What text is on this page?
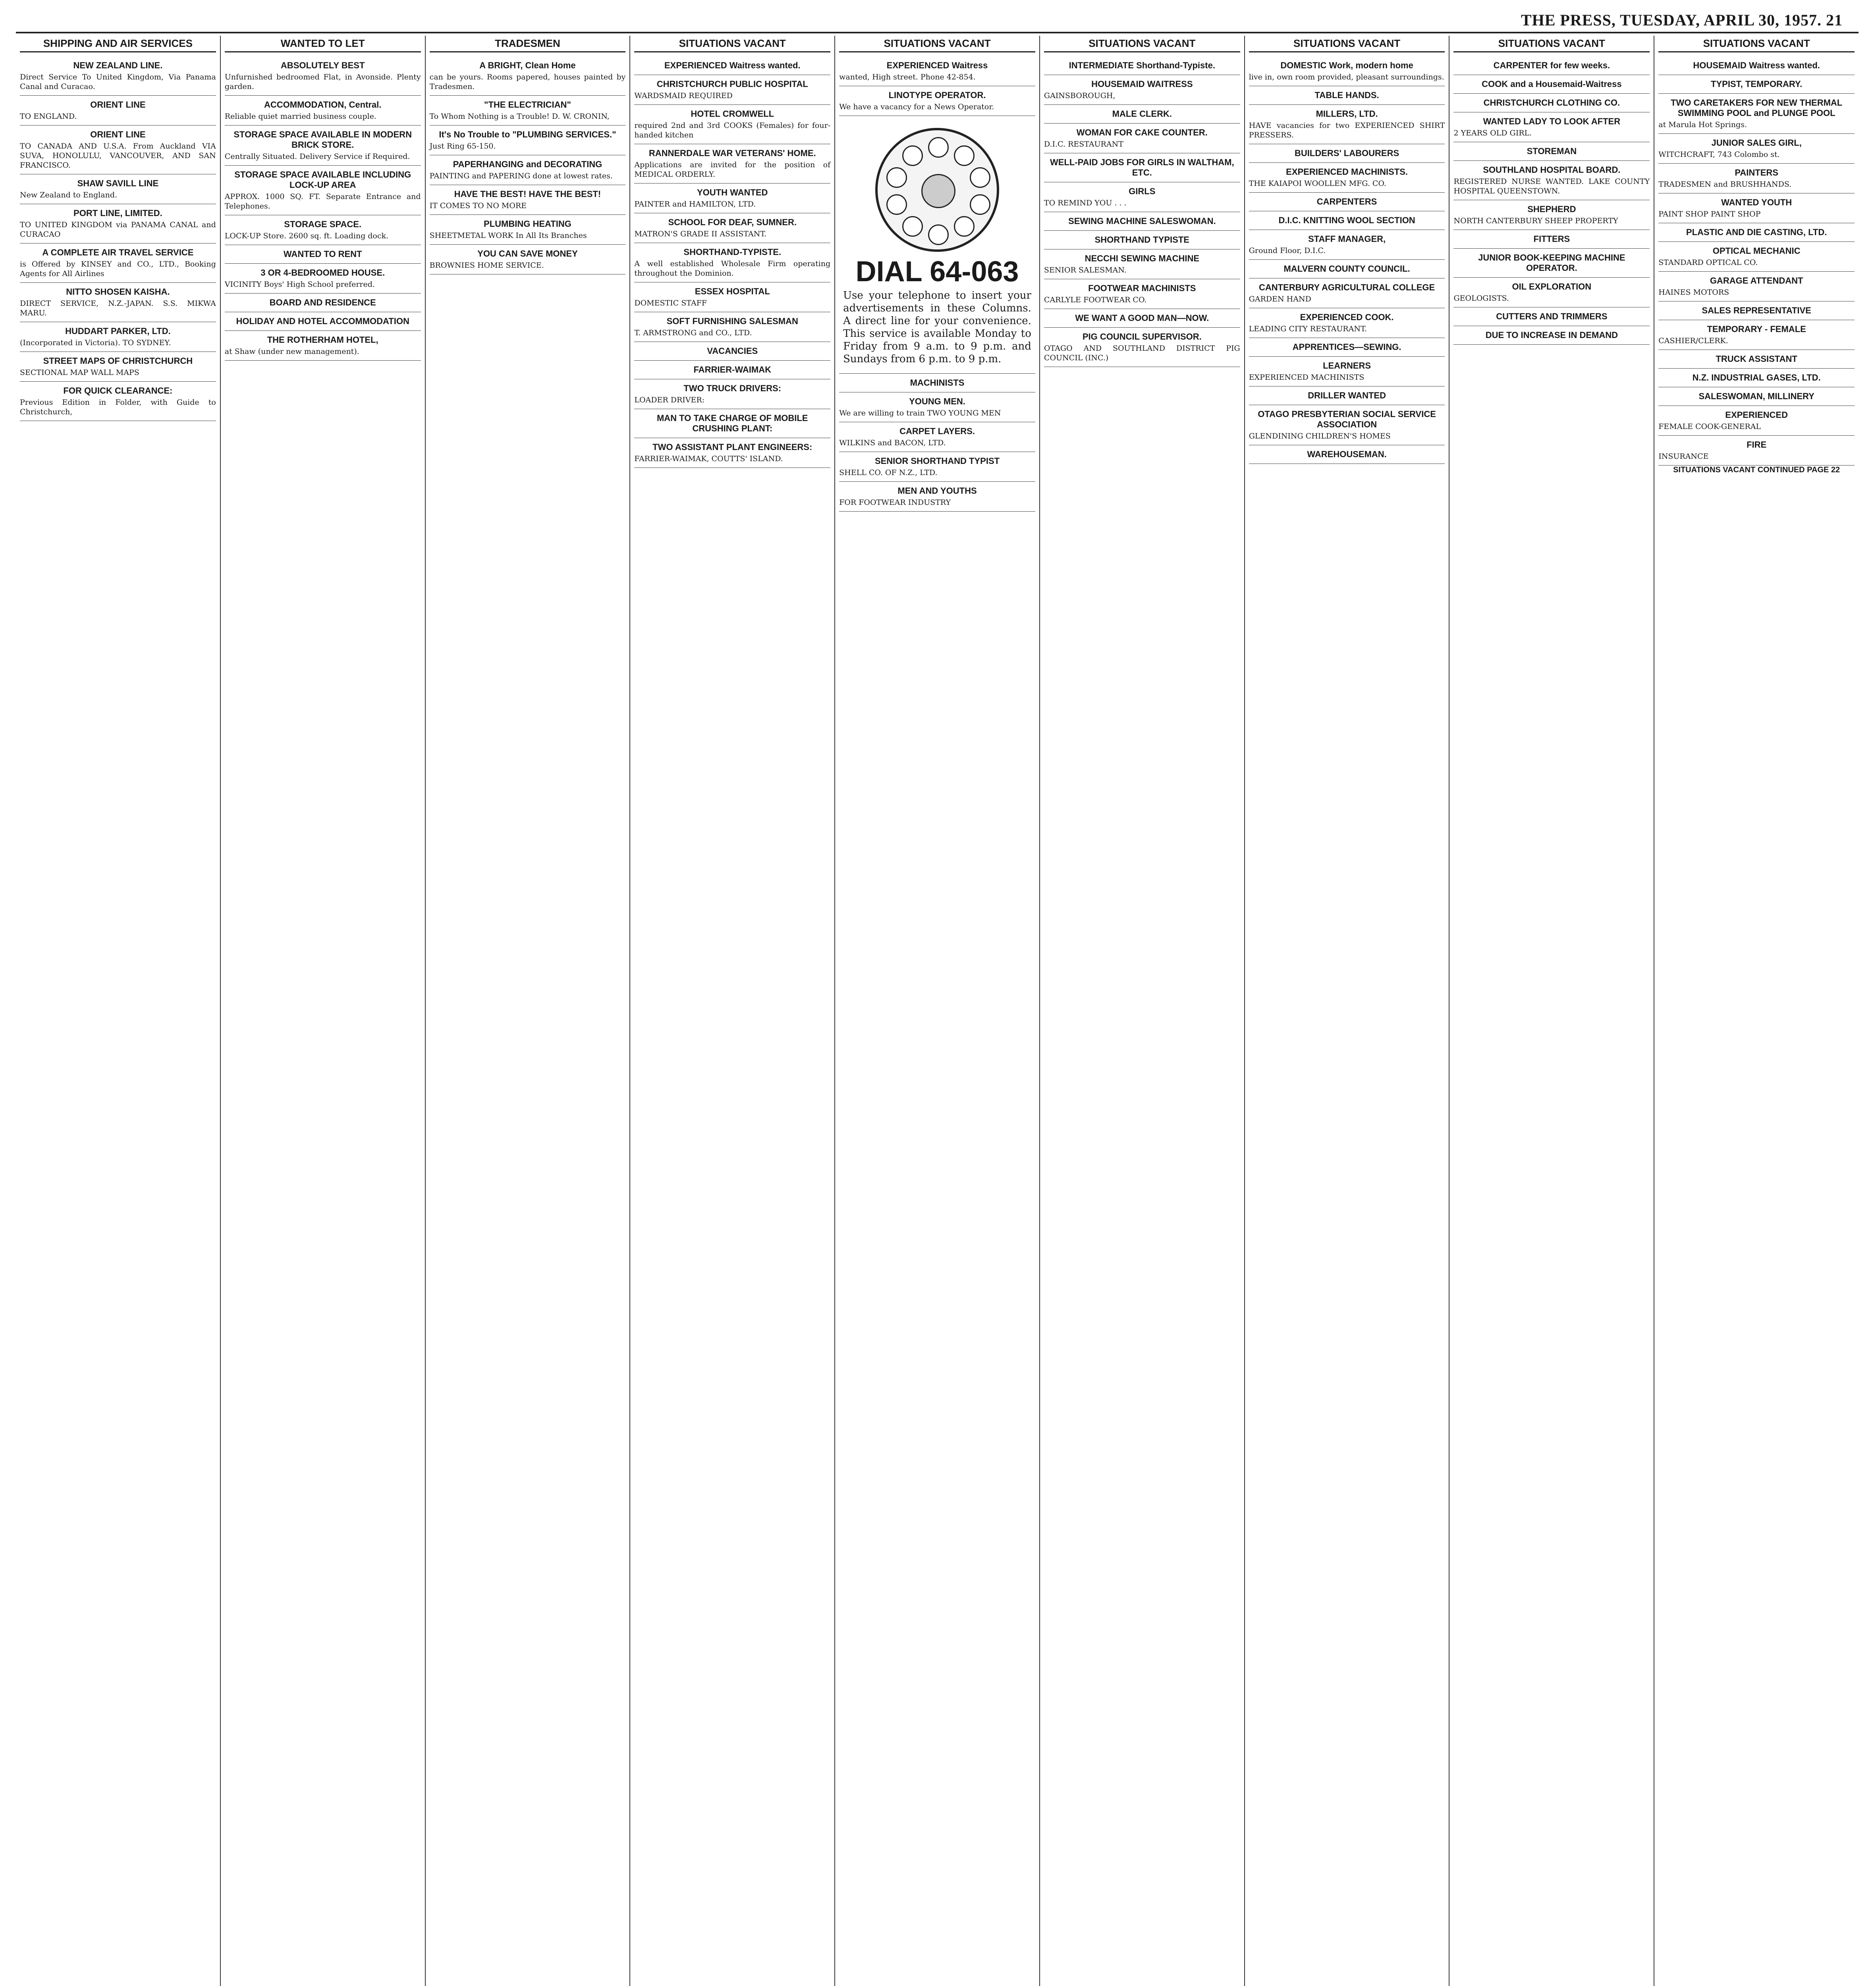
THE PRESS, TUESDAY, APRIL 30, 1957. 21
SHIPPING AND AIR SERVICES
NEW ZEALAND LINE.
Direct Service To United Kingdom, Via Panama Canal and Curacao.
ORIENT LINE
TO ENGLAND.
ORIENT LINE
TO CANADA AND U.S.A. From Auckland VIA SUVA, HONOLULU, VANCOUVER, AND SAN FRANCISCO.
SHAW SAVILL LINE
New Zealand to England.
PORT LINE, LIMITED.
TO UNITED KINGDOM via PANAMA CANAL and CURACAO
A COMPLETE AIR TRAVEL SERVICE
is Offered by KINSEY and CO., LTD., Booking Agents for All Airlines
NITTO SHOSEN KAISHA.
DIRECT SERVICE, N.Z.-JAPAN. S.S. MIKWA MARU.
HUDDART PARKER, LTD.
(Incorporated in Victoria). TO SYDNEY.
STREET MAPS OF CHRISTCHURCH
SECTIONAL MAP WALL MAPS
FOR QUICK CLEARANCE:
Previous Edition in Folder, with Guide to Christchurch,
WANTED TO LET
ABSOLUTELY BEST
Unfurnished bedroomed Flat, in Avonside. Plenty garden.
ACCOMMODATION, Central.
Reliable quiet married business couple.
STORAGE SPACE AVAILABLE IN MODERN BRICK STORE.
Centrally Situated. Delivery Service if Required.
STORAGE SPACE AVAILABLE INCLUDING LOCK-UP AREA
APPROX. 1000 SQ. FT. Separate Entrance and Telephones.
STORAGE SPACE.
LOCK-UP Store. 2600 sq. ft. Loading dock.
WANTED TO RENT
3 OR 4-BEDROOMED HOUSE.
VICINITY Boys' High School preferred.
BOARD AND RESIDENCE
HOLIDAY AND HOTEL ACCOMMODATION
THE ROTHERHAM HOTEL,
at Shaw (under new management).
TRADESMEN
A BRIGHT, Clean Home
can be yours. Rooms papered, houses painted by Tradesmen.
"THE ELECTRICIAN"
To Whom Nothing is a Trouble! D. W. CRONIN,
It's No Trouble to "PLUMBING SERVICES."
Just Ring 65-150.
PAPERHANGING and DECORATING
PAINTING and PAPERING done at lowest rates.
HAVE THE BEST! HAVE THE BEST!
IT COMES TO NO MORE
PLUMBING HEATING
SHEETMETAL WORK In All Its Branches
YOU CAN SAVE MONEY
BROWNIES HOME SERVICE.
SITUATIONS VACANT
EXPERIENCED Waitress wanted.
CHRISTCHURCH PUBLIC HOSPITAL
WARDSMAID REQUIRED
HOTEL CROMWELL
required 2nd and 3rd COOKS (Females) for four-handed kitchen
RANNERDALE WAR VETERANS' HOME.
Applications are invited for the position of MEDICAL ORDERLY.
YOUTH WANTED
PAINTER and HAMILTON, LTD.
SCHOOL FOR DEAF, SUMNER.
MATRON'S GRADE II ASSISTANT.
SHORTHAND-TYPISTE.
A well established Wholesale Firm operating throughout the Dominion.
ESSEX HOSPITAL
DOMESTIC STAFF
SOFT FURNISHING SALESMAN
T. ARMSTRONG and CO., LTD.
VACANCIES
FARRIER-WAIMAK
TWO TRUCK DRIVERS:
LOADER DRIVER:
MAN TO TAKE CHARGE OF MOBILE CRUSHING PLANT:
TWO ASSISTANT PLANT ENGINEERS:
FARRIER-WAIMAK, COUTTS' ISLAND.
SITUATIONS VACANT
EXPERIENCED Waitress
wanted, High street. Phone 42-854.
LINOTYPE OPERATOR.
We have a vacancy for a News Operator.
DIAL 64-063
Use your telephone to insert your advertisements in these Columns. A direct line for your convenience. This service is available Monday to Friday from 9 a.m. to 9 p.m. and Sundays from 6 p.m. to 9 p.m.
MACHINISTS
YOUNG MEN.
We are willing to train TWO YOUNG MEN
CARPET LAYERS.
WILKINS and BACON, LTD.
SENIOR SHORTHAND TYPIST
SHELL CO. OF N.Z., LTD.
MEN AND YOUTHS
FOR FOOTWEAR INDUSTRY
SITUATIONS VACANT
INTERMEDIATE Shorthand-Typiste.
HOUSEMAID WAITRESS
GAINSBOROUGH,
MALE CLERK.
WOMAN FOR CAKE COUNTER.
D.I.C. RESTAURANT
WELL-PAID JOBS FOR GIRLS IN WALTHAM, ETC.
GIRLS
TO REMIND YOU . . .
SEWING MACHINE SALESWOMAN.
SHORTHAND TYPISTE
NECCHI SEWING MACHINE
SENIOR SALESMAN.
FOOTWEAR MACHINISTS
CARLYLE FOOTWEAR CO.
WE WANT A GOOD MAN—NOW.
PIG COUNCIL SUPERVISOR.
OTAGO AND SOUTHLAND DISTRICT PIG COUNCIL (INC.)
SITUATIONS VACANT
DOMESTIC Work, modern home
live in, own room provided, pleasant surroundings.
TABLE HANDS.
MILLERS, LTD.
HAVE vacancies for two EXPERIENCED SHIRT PRESSERS.
BUILDERS' LABOURERS
EXPERIENCED MACHINISTS.
THE KAIAPOI WOOLLEN MFG. CO.
CARPENTERS
D.I.C. KNITTING WOOL SECTION
STAFF MANAGER,
Ground Floor, D.I.C.
MALVERN COUNTY COUNCIL.
CANTERBURY AGRICULTURAL COLLEGE
GARDEN HAND
EXPERIENCED COOK.
LEADING CITY RESTAURANT.
APPRENTICES—SEWING.
LEARNERS
EXPERIENCED MACHINISTS
DRILLER WANTED
OTAGO PRESBYTERIAN SOCIAL SERVICE ASSOCIATION
GLENDINING CHILDREN'S HOMES
WAREHOUSEMAN.
SITUATIONS VACANT
CARPENTER for few weeks.
COOK and a Housemaid-Waitress
CHRISTCHURCH CLOTHING CO.
WANTED LADY TO LOOK AFTER
2 YEARS OLD GIRL.
STOREMAN
SOUTHLAND HOSPITAL BOARD.
REGISTERED NURSE WANTED. LAKE COUNTY HOSPITAL QUEENSTOWN.
SHEPHERD
NORTH CANTERBURY SHEEP PROPERTY
FITTERS
JUNIOR BOOK-KEEPING MACHINE OPERATOR.
OIL EXPLORATION
GEOLOGISTS.
CUTTERS AND TRIMMERS
DUE TO INCREASE IN DEMAND
SITUATIONS VACANT
HOUSEMAID Waitress wanted.
TYPIST, TEMPORARY.
TWO CARETAKERS FOR NEW THERMAL SWIMMING POOL and PLUNGE POOL
at Marula Hot Springs.
JUNIOR SALES GIRL,
WITCHCRAFT, 743 Colombo st.
PAINTERS
TRADESMEN and BRUSHHANDS.
WANTED YOUTH
PAINT SHOP PAINT SHOP
PLASTIC AND DIE CASTING, LTD.
OPTICAL MECHANIC
STANDARD OPTICAL CO.
GARAGE ATTENDANT
HAINES MOTORS
SALES REPRESENTATIVE
TEMPORARY - FEMALE
CASHIER/CLERK.
TRUCK ASSISTANT
N.Z. INDUSTRIAL GASES, LTD.
SALESWOMAN, MILLINERY
EXPERIENCED
FEMALE COOK-GENERAL
FIRE
INSURANCE
SITUATIONS VACANT CONTINUED PAGE 22
